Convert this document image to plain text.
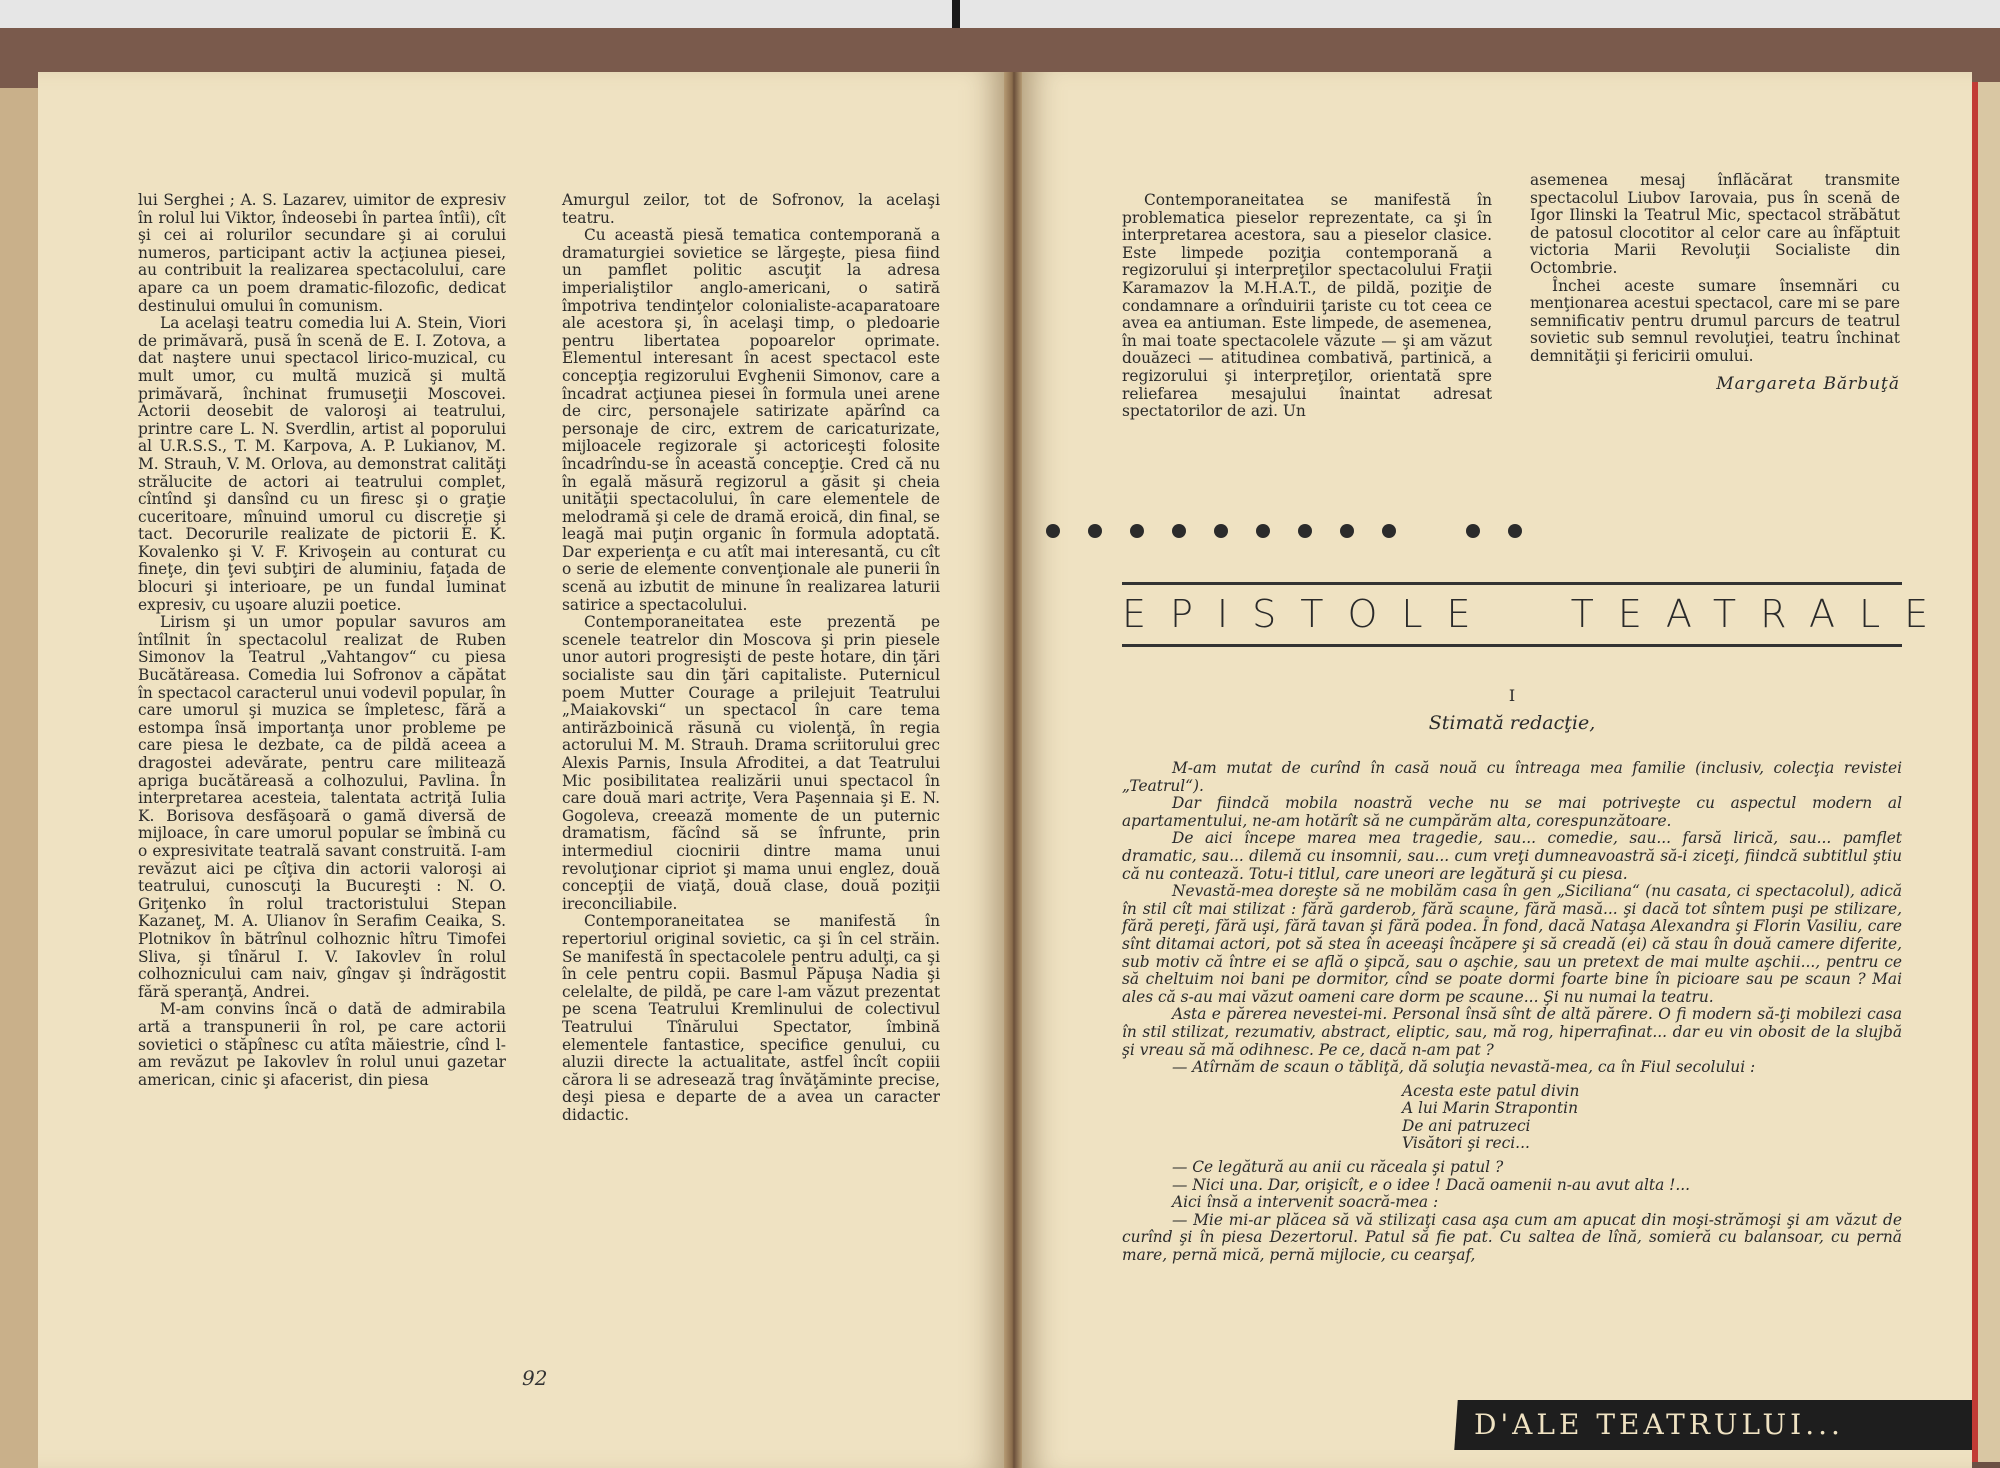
lui Serghei ; A. S. Lazarev, uimitor de expresiv în rolul lui Viktor, îndeosebi în partea întîi), cît şi cei ai rolurilor secundare şi ai corului numeros, participant activ la acţiunea piesei, au contribuit la realizarea spectacolului, care apare ca un poem dramatic-filozofic, dedicat destinului omului în comunism.

La acelaşi teatru comedia lui A. Stein, Viori de primăvară, pusă în scenă de E. I. Zotova, a dat naştere unui spectacol lirico-muzical, cu mult umor, cu multă muzică şi multă primăvară, închinat frumuseţii Moscovei. Actorii deosebit de valoroşi ai teatrului, printre care L. N. Sverdlin, artist al poporului al U.R.S.S., T. M. Karpova, A. P. Lukianov, M. M. Strauh, V. M. Orlova, au demonstrat calităţi strălucite de actori ai teatrului complet, cîntînd şi dansînd cu un firesc şi o graţie cuceritoare, mînuind umorul cu discreţie şi tact. Decorurile realizate de pictorii E. K. Kovalenko şi V. F. Krivoşein au conturat cu fineţe, din ţevi subţiri de aluminiu, faţada de blocuri şi interioare, pe un fundal luminat expresiv, cu uşoare aluzii poetice.

Lirism şi un umor popular savuros am întîlnit în spectacolul realizat de Ruben Simonov la Teatrul „Vahtangov“ cu piesa Bucătăreasa. Comedia lui Sofronov a căpătat în spectacol caracterul unui vodevil popular, în care umorul şi muzica se împletesc, fără a estompa însă importanţa unor probleme pe care piesa le dezbate, ca de pildă aceea a dragostei adevărate, pentru care militează apriga bucătăreasă a colhozului, Pavlina. În interpretarea acesteia, talentata actriţă Iulia K. Borisova desfăşoară o gamă diversă de mijloace, în care umorul popular se îmbină cu o expresivitate teatrală savant construită. I-am revăzut aici pe cîţiva din actorii valoroşi ai teatrului, cunoscuţi la Bucureşti : N. O. Griţenko în rolul tractoristului Stepan Kazaneţ, M. A. Ulianov în Serafim Ceaika, S. Plotnikov în bătrînul colhoznic hîtru Timofei Sliva, şi tînărul I. V. Iakovlev în rolul colhoznicului cam naiv, gîngav şi îndrăgostit fără speranţă, Andrei.

M-am convins încă o dată de admirabila artă a transpunerii în rol, pe care actorii sovietici o stăpînesc cu atîta măiestrie, cînd l-am revăzut pe Iakovlev în rolul unui gazetar american, cinic şi afacerist, din piesa

Amurgul zeilor, tot de Sofronov, la acelaşi teatru.

Cu această piesă tematica contemporană a dramaturgiei sovietice se lărgeşte, piesa fiind un pamflet politic ascuţit la adresa imperialiştilor anglo-americani, o satiră împotriva tendinţelor colonialiste-acaparatoare ale acestora şi, în acelaşi timp, o pledoarie pentru libertatea popoarelor oprimate. Elementul interesant în acest spectacol este concepţia regizorului Evghenii Simonov, care a încadrat acţiunea piesei în formula unei arene de circ, personajele satirizate apărînd ca personaje de circ, extrem de caricaturizate, mijloacele regizorale şi actoriceşti folosite încadrîndu-se în această concepţie. Cred că nu în egală măsură regizorul a găsit şi cheia unităţii spectacolului, în care elementele de melodramă şi cele de dramă eroică, din final, se leagă mai puţin organic în formula adoptată. Dar experienţa e cu atît mai interesantă, cu cît o serie de elemente convenţionale ale punerii în scenă au izbutit de minune în realizarea laturii satirice a spectacolului.

Contemporaneitatea este prezentă pe scenele teatrelor din Moscova şi prin piesele unor autori progresişti de peste hotare, din ţări socialiste sau din ţări capitaliste. Puternicul poem Mutter Courage a prilejuit Teatrului „Maiakovski“ un spectacol în care tema antirăzboinică răsună cu violenţă, în regia actorului M. M. Strauh. Drama scriitorului grec Alexis Parnis, Insula Afroditei, a dat Teatrului Mic posibilitatea realizării unui spectacol în care două mari actriţe, Vera Paşennaia şi E. N. Gogoleva, creează momente de un puternic dramatism, făcînd să se înfrunte, prin intermediul ciocnirii dintre mama unui revoluţionar cipriot şi mama unui englez, două concepţii de viaţă, două clase, două poziţii ireconciliabile.

Contemporaneitatea se manifestă în repertoriul original sovietic, ca şi în cel străin. Se manifestă în spectacolele pentru adulţi, ca şi în cele pentru copii. Basmul Păpuşa Nadia şi celelalte, de pildă, pe care l-am văzut prezentat pe scena Teatrului Kremlinului de colectivul Teatrului Tînărului Spectator, îmbină elementele fantastice, specifice genului, cu aluzii directe la actualitate, astfel încît copiii cărora li se adresează trag învăţăminte precise, deşi piesa e departe de a avea un caracter didactic.

92

Contemporaneitatea se manifestă în problematica pieselor reprezentate, ca şi în interpretarea acestora, sau a pieselor clasice. Este limpede poziţia contemporană a regizorului şi interpreţilor spectacolului Fraţii Karamazov la M.H.A.T., de pildă, poziţie de condamnare a orînduirii ţariste cu tot ceea ce avea ea antiuman. Este limpede, de asemenea, în mai toate spectacolele văzute — şi am văzut douăzeci — atitudinea combativă, partinică, a regizorului şi interpreţilor, orientată spre reliefarea mesajului înaintat adresat spectatorilor de azi. Un

asemenea mesaj înflăcărat transmite spectacolul Liubov Iarovaia, pus în scenă de Igor Ilinski la Teatrul Mic, spectacol străbătut de patosul clocotitor al celor care au înfăptuit victoria Marii Revoluţii Socialiste din Octombrie.

Închei aceste sumare însemnări cu menţionarea acestui spectacol, care mi se pare semnificativ pentru drumul parcurs de teatrul sovietic sub semnul revoluţiei, teatru închinat demnităţii şi fericirii omului.

Margareta Bărbuţă
EPISTOLE TEATRALE
I
Stimată redacţie,

M-am mutat de curînd în casă nouă cu întreaga mea familie (inclusiv, colecţia revistei „Teatrul“).

Dar fiindcă mobila noastră veche nu se mai potriveşte cu aspectul modern al apartamentului, ne-am hotărît să ne cumpărăm alta, corespunzătoare.

De aici începe marea mea tragedie, sau... comedie, sau... farsă lirică, sau... pamflet dramatic, sau... dilemă cu insomnii, sau... cum vreţi dumneavoastră să-i ziceţi, fiindcă subtitlul ştiu că nu contează. Totu-i titlul, care uneori are legătură şi cu piesa.

Nevastă-mea doreşte să ne mobilăm casa în gen „Siciliana“ (nu casata, ci spectacolul), adică în stil cît mai stilizat : fără garderob, fără scaune, fără masă... şi dacă tot sîntem puşi pe stilizare, fără pereţi, fără uşi, fără tavan şi fără podea. În fond, dacă Nataşa Alexandra şi Florin Vasiliu, care sînt ditamai actori, pot să stea în aceeaşi încăpere şi să creadă (ei) că stau în două camere diferite, sub motiv că între ei se află o şipcă, sau o aşchie, sau un pretext de mai multe aşchii..., pentru ce să cheltuim noi bani pe dormitor, cînd se poate dormi foarte bine în picioare sau pe scaun ? Mai ales că s-au mai văzut oameni care dorm pe scaune... Şi nu numai la teatru.

Asta e părerea nevestei-mi. Personal însă sînt de altă părere. O fi modern să-ţi mobilezi casa în stil stilizat, rezumativ, abstract, eliptic, sau, mă rog, hiperrafinat... dar eu vin obosit de la slujbă şi vreau să mă odihnesc. Pe ce, dacă n-am pat ?

— Atîrnăm de scaun o tăbliţă, dă soluţia nevastă-mea, ca în Fiul secolului :

Acesta este patul divin
A lui Marin Strapontin
De ani patruzeci
Visători şi reci...

— Ce legătură au anii cu răceala şi patul ?

— Nici una. Dar, orişicît, e o idee ! Dacă oamenii n-au avut alta !...

Aici însă a intervenit soacră-mea :

— Mie mi-ar plăcea să vă stilizaţi casa aşa cum am apucat din moşi-strămoşi şi am văzut de curînd şi în piesa Dezertorul. Patul să fie pat. Cu saltea de lînă, somieră cu balansoar, cu pernă mare, pernă mică, pernă mijlocie, cu cearşaf,

D'ALE TEATRULUI...
